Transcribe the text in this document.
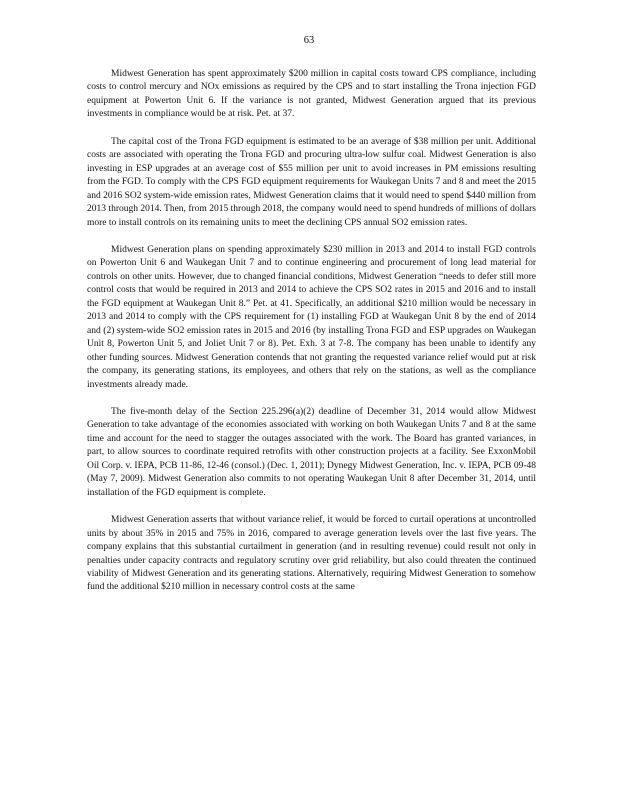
63

Midwest Generation has spent approximately $200 million in capital costs toward CPS compliance, including costs to control mercury and NOx emissions as required by the CPS and to start installing the Trona injection FGD equipment at Powerton Unit 6. If the variance is not granted, Midwest Generation argued that its previous investments in compliance would be at risk. Pet. at 37.

The capital cost of the Trona FGD equipment is estimated to be an average of $38 million per unit. Additional costs are associated with operating the Trona FGD and procuring ultra-low sulfur coal. Midwest Generation is also investing in ESP upgrades at an average cost of $55 million per unit to avoid increases in PM emissions resulting from the FGD. To comply with the CPS FGD equipment requirements for Waukegan Units 7 and 8 and meet the 2015 and 2016 SO2 system-wide emission rates, Midwest Generation claims that it would need to spend $440 million from 2013 through 2014. Then, from 2015 through 2018, the company would need to spend hundreds of millions of dollars more to install controls on its remaining units to meet the declining CPS annual SO2 emission rates.

Midwest Generation plans on spending approximately $230 million in 2013 and 2014 to install FGD controls on Powerton Unit 6 and Waukegan Unit 7 and to continue engineering and procurement of long lead material for controls on other units. However, due to changed financial conditions, Midwest Generation “needs to defer still more control costs that would be required in 2013 and 2014 to achieve the CPS SO2 rates in 2015 and 2016 and to install the FGD equipment at Waukegan Unit 8.” Pet. at 41. Specifically, an additional $210 million would be necessary in 2013 and 2014 to comply with the CPS requirement for (1) installing FGD at Waukegan Unit 8 by the end of 2014 and (2) system-wide SO2 emission rates in 2015 and 2016 (by installing Trona FGD and ESP upgrades on Waukegan Unit 8, Powerton Unit 5, and Joliet Unit 7 or 8). Pet. Exh. 3 at 7-8. The company has been unable to identify any other funding sources. Midwest Generation contends that not granting the requested variance relief would put at risk the company, its generating stations, its employees, and others that rely on the stations, as well as the compliance investments already made.

The five-month delay of the Section 225.296(a)(2) deadline of December 31, 2014 would allow Midwest Generation to take advantage of the economies associated with working on both Waukegan Units 7 and 8 at the same time and account for the need to stagger the outages associated with the work. The Board has granted variances, in part, to allow sources to coordinate required retrofits with other construction projects at a facility. See ExxonMobil Oil Corp. v. IEPA, PCB 11-86, 12-46 (consol.) (Dec. 1, 2011); Dynegy Midwest Generation, Inc. v. IEPA, PCB 09-48 (May 7, 2009). Midwest Generation also commits to not operating Waukegan Unit 8 after December 31, 2014, until installation of the FGD equipment is complete.

Midwest Generation asserts that without variance relief, it would be forced to curtail operations at uncontrolled units by about 35% in 2015 and 75% in 2016, compared to average generation levels over the last five years. The company explains that this substantial curtailment in generation (and in resulting revenue) could result not only in penalties under capacity contracts and regulatory scrutiny over grid reliability, but also could threaten the continued viability of Midwest Generation and its generating stations. Alternatively, requiring Midwest Generation to somehow fund the additional $210 million in necessary control costs at the same
